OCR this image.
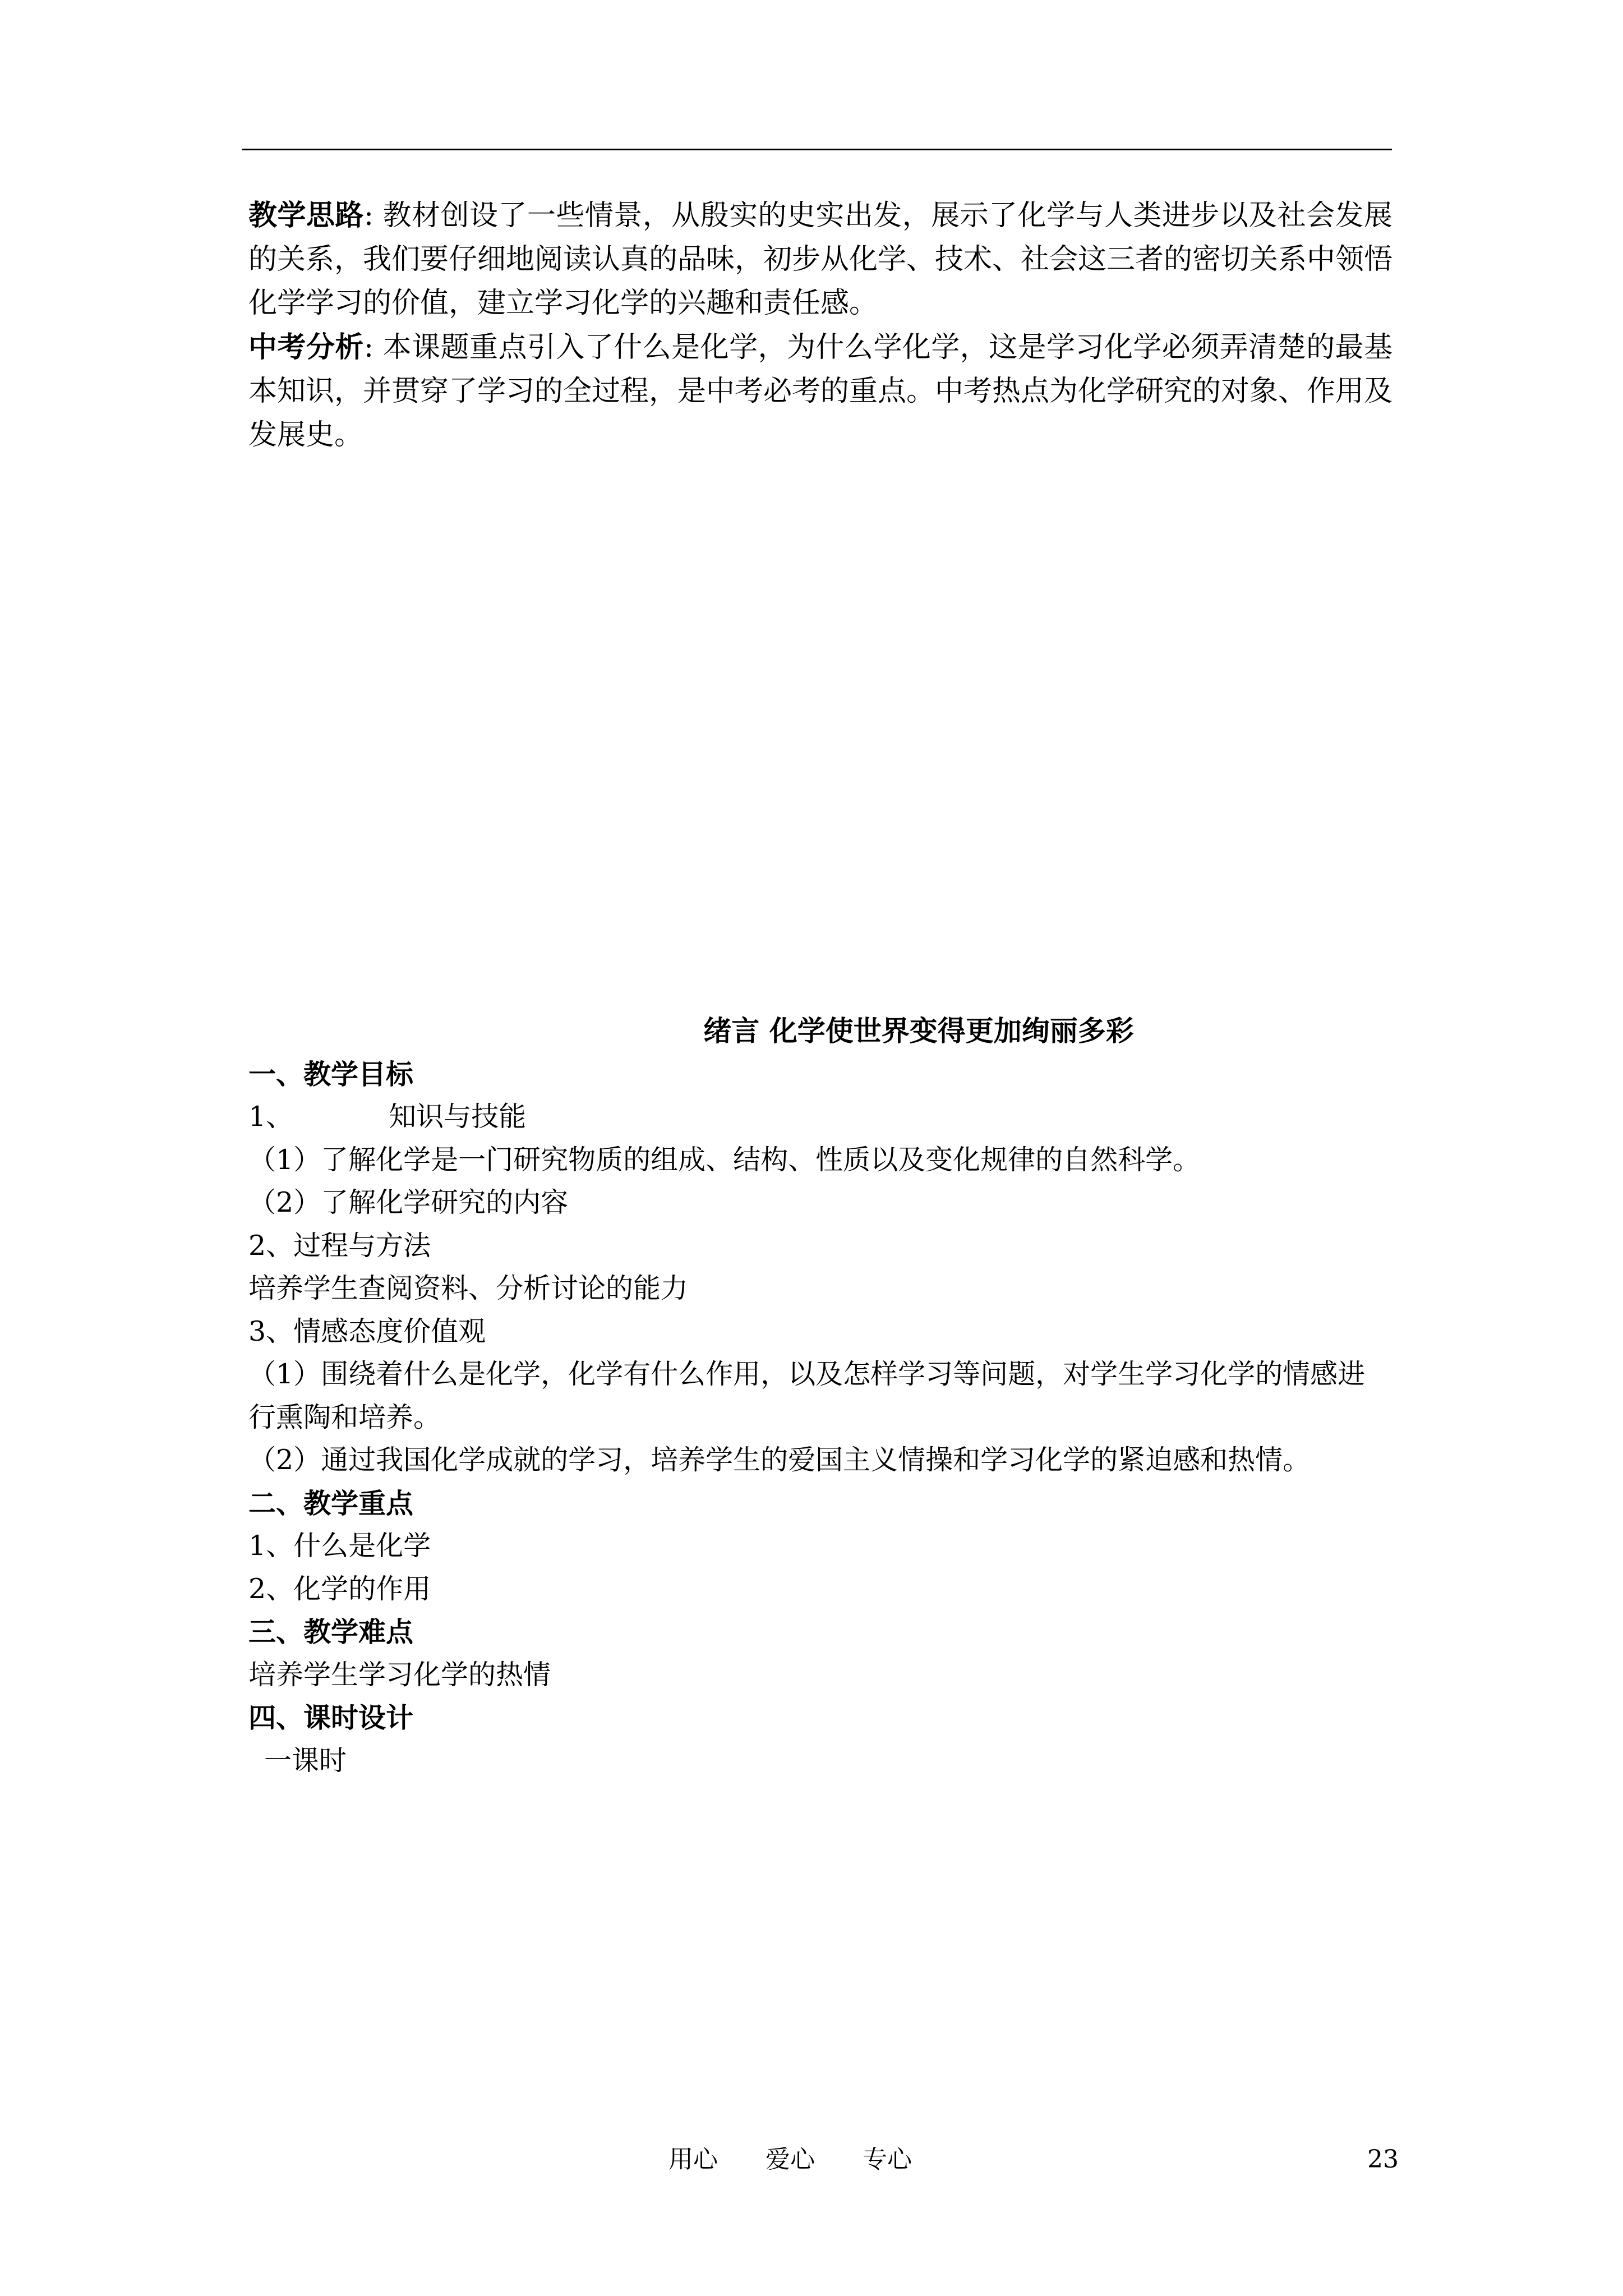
教学思路: 教材创设了一些情景，从殷实的史实出发，展示了化学与人类进步以及社会发展的关系，我们要仔细地阅读认真的品味，初步从化学、技术、社会这三者的密切关系中领悟化学学习的价值，建立学习化学的兴趣和责任感。

中考分析: 本课题重点引入了什么是化学，为什么学化学，这是学习化学必须弄清楚的最基本知识，并贯穿了学习的全过程，是中考必考的重点。中考热点为化学研究的对象、作用及发展史。

绪言 化学使世界变得更加绚丽多彩

一、教学目标

1、	知识与技能

（1）了解化学是一门研究物质的组成、结构、性质以及变化规律的自然科学。

（2）了解化学研究的内容

2、过程与方法

培养学生查阅资料、分析讨论的能力

3、情感态度价值观

（1）围绕着什么是化学，化学有什么作用，以及怎样学习等问题，对学生学习化学的情感进行熏陶和培养。

（2）通过我国化学成就的学习，培养学生的爱国主义情操和学习化学的紧迫感和热情。

二、教学重点

1、什么是化学

2、化学的作用

三、教学难点

培养学生学习化学的热情

四、课时设计

一课时

用心 爱心 专心	23
